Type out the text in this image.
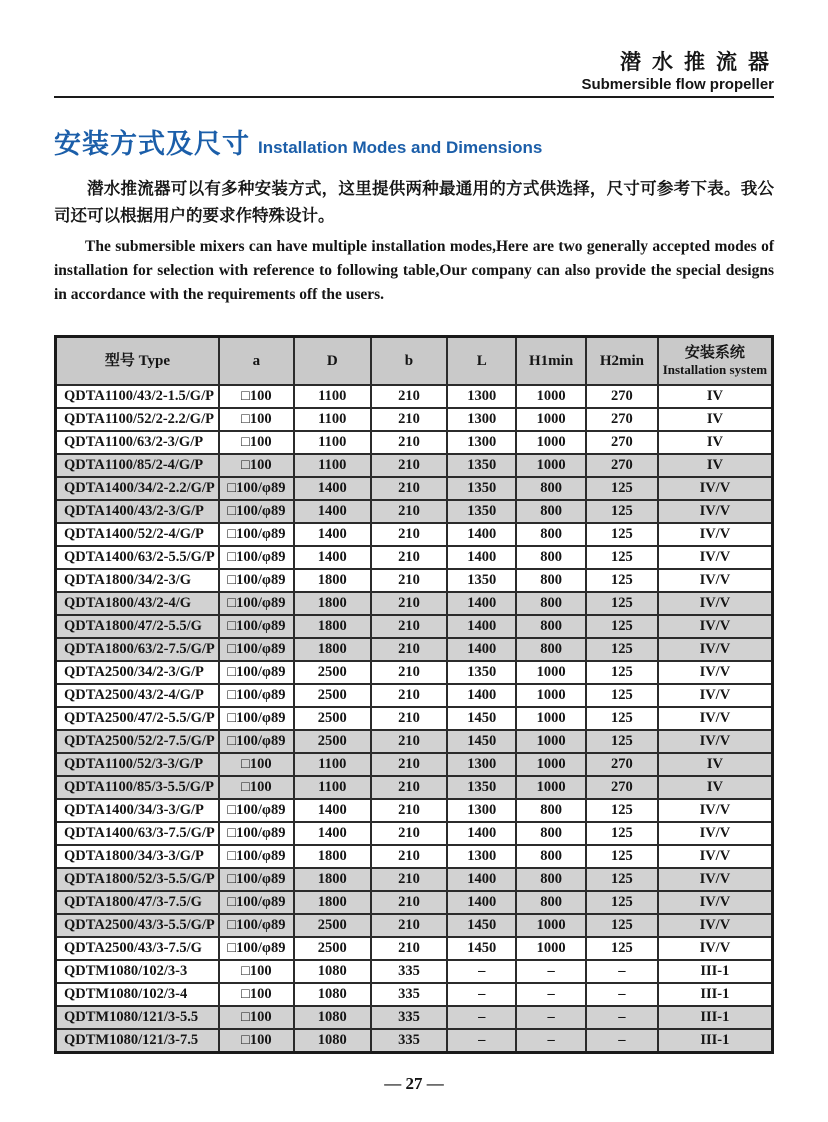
潜水推流器
Submersible flow propeller
安装方式及尺寸 Installation Modes and Dimensions

潜水推流器可以有多种安装方式，这里提供两种最通用的方式供选择，尺寸可参考下表。我公司还可以根据用户的要求作特殊设计。

The submersible mixers can have multiple installation modes,Here are two generally accepted modes of installation for selection with reference to following table,Our company can also provide the special designs in accordance with the requirements off the users.

型号 Type	a	D	b	L	H1min	H2min	安装系统
Installation system

QDTA1100/43/2-1.5/G/P	□100	1100	210	1300	1000	270	IV
QDTA1100/52/2-2.2/G/P	□100	1100	210	1300	1000	270	IV
QDTA1100/63/2-3/G/P	□100	1100	210	1300	1000	270	IV
QDTA1100/85/2-4/G/P	□100	1100	210	1350	1000	270	IV
QDTA1400/34/2-2.2/G/P	□100/φ89	1400	210	1350	800	125	IV/V
QDTA1400/43/2-3/G/P	□100/φ89	1400	210	1350	800	125	IV/V
QDTA1400/52/2-4/G/P	□100/φ89	1400	210	1400	800	125	IV/V
QDTA1400/63/2-5.5/G/P	□100/φ89	1400	210	1400	800	125	IV/V
QDTA1800/34/2-3/G	□100/φ89	1800	210	1350	800	125	IV/V
QDTA1800/43/2-4/G	□100/φ89	1800	210	1400	800	125	IV/V
QDTA1800/47/2-5.5/G	□100/φ89	1800	210	1400	800	125	IV/V
QDTA1800/63/2-7.5/G/P	□100/φ89	1800	210	1400	800	125	IV/V
QDTA2500/34/2-3/G/P	□100/φ89	2500	210	1350	1000	125	IV/V
QDTA2500/43/2-4/G/P	□100/φ89	2500	210	1400	1000	125	IV/V
QDTA2500/47/2-5.5/G/P	□100/φ89	2500	210	1450	1000	125	IV/V
QDTA2500/52/2-7.5/G/P	□100/φ89	2500	210	1450	1000	125	IV/V
QDTA1100/52/3-3/G/P	□100	1100	210	1300	1000	270	IV
QDTA1100/85/3-5.5/G/P	□100	1100	210	1350	1000	270	IV
QDTA1400/34/3-3/G/P	□100/φ89	1400	210	1300	800	125	IV/V
QDTA1400/63/3-7.5/G/P	□100/φ89	1400	210	1400	800	125	IV/V
QDTA1800/34/3-3/G/P	□100/φ89	1800	210	1300	800	125	IV/V
QDTA1800/52/3-5.5/G/P	□100/φ89	1800	210	1400	800	125	IV/V
QDTA1800/47/3-7.5/G	□100/φ89	1800	210	1400	800	125	IV/V
QDTA2500/43/3-5.5/G/P	□100/φ89	2500	210	1450	1000	125	IV/V
QDTA2500/43/3-7.5/G	□100/φ89	2500	210	1450	1000	125	IV/V
QDTM1080/102/3-3	□100	1080	335	–	–	–	III-1
QDTM1080/102/3-4	□100	1080	335	–	–	–	III-1
QDTM1080/121/3-5.5	□100	1080	335	–	–	–	III-1
QDTM1080/121/3-7.5	□100	1080	335	–	–	–	III-1
— 27 —
